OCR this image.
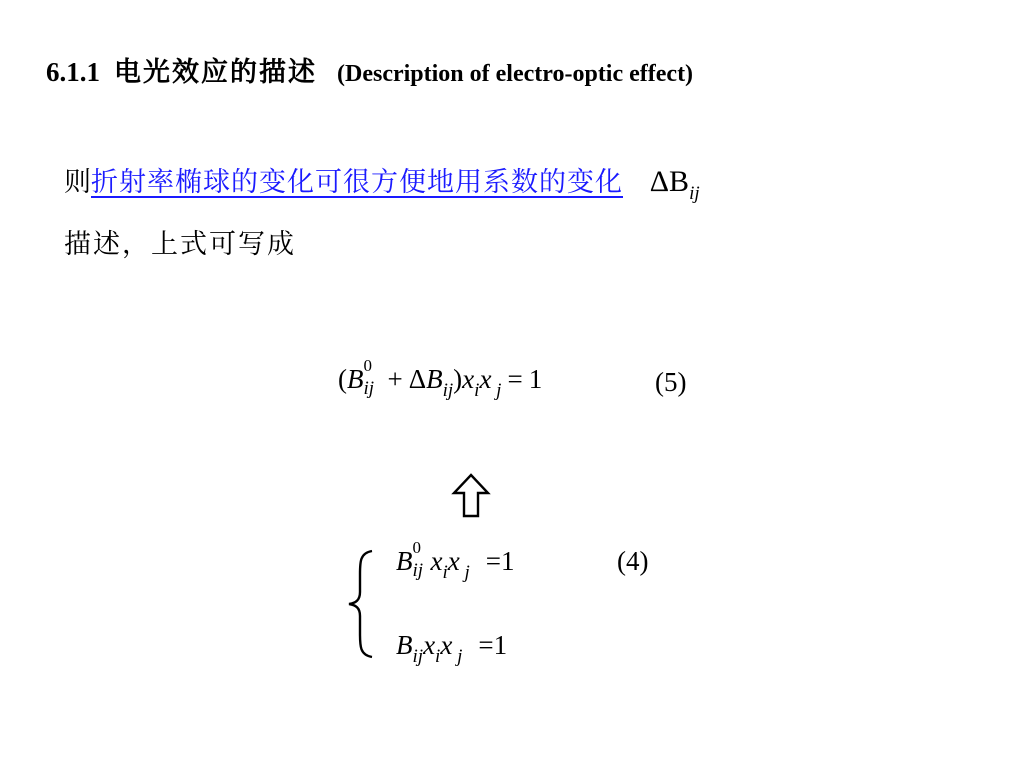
6.1.1 电光效应的描述 (Description of electro-optic effect)
则折射率椭球的变化可很方便地用系数的变化 $\Delta B_{ij}$
描述，上式可写成
(B 0
ij + $\Delta B_{ij})x_ix$ $_j$ = 1	(5)
B 0
ij $x_ix$ $_j$ =1	(4)
$B_{ij}x_ix$ $_j$ =1
